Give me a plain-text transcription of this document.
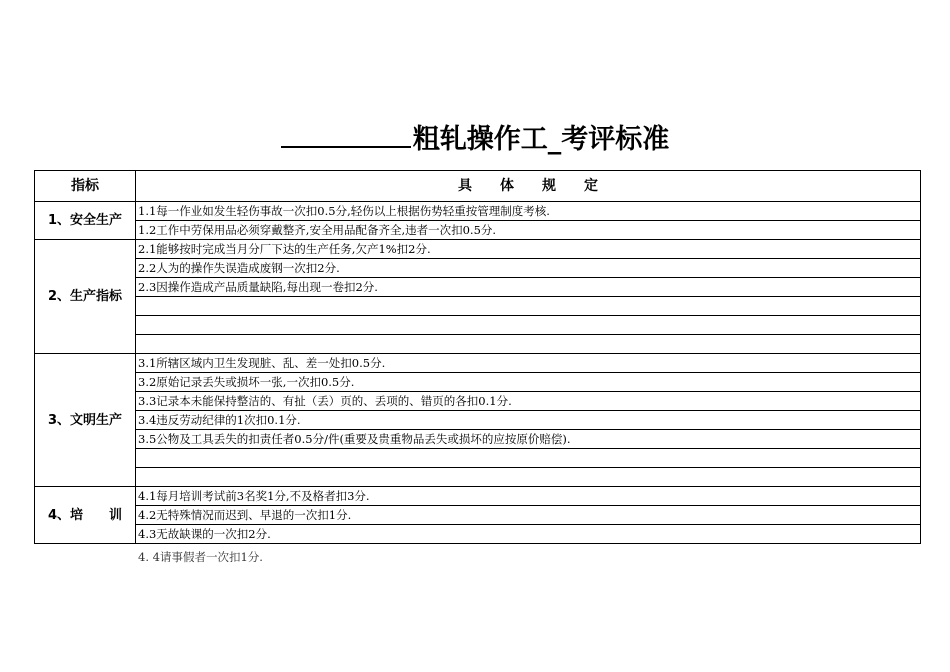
粗轧操作工_考评标准
指标	具　　体　　规　　定
1、安全生产	1.1每一作业如发生轻伤事故一次扣0.5分,轻伤以上根据伤势轻重按管理制度考核.
	1.2工作中劳保用品必须穿戴整齐,安全用品配备齐全,违者一次扣0.5分.
2、生产指标	2.1能够按时完成当月分厂下达的生产任务,欠产1%扣2分.
	2.2人为的操作失误造成废钢一次扣2分.
	2.3因操作造成产品质量缺陷,每出现一卷扣2分.

3、文明生产	3.1所辖区域内卫生发现脏、乱、差一处扣0.5分.
	3.2原始记录丢失或损坏一张,一次扣0.5分.
	3.3记录本未能保持整洁的、有扯（丢）页的、丢项的、错页的各扣0.1分.
	3.4违反劳动纪律的1次扣0.1分.
	3.5公物及工具丢失的扣责任者0.5分/件(重要及贵重物品丢失或损坏的应按原价赔偿).

4、培　　训	4.1每月培训考试前3名奖1分,不及格者扣3分.
	4.2无特殊情况而迟到、早退的一次扣1分.
	4.3无故缺课的一次扣2分.
4. 4请事假者一次扣1分.
